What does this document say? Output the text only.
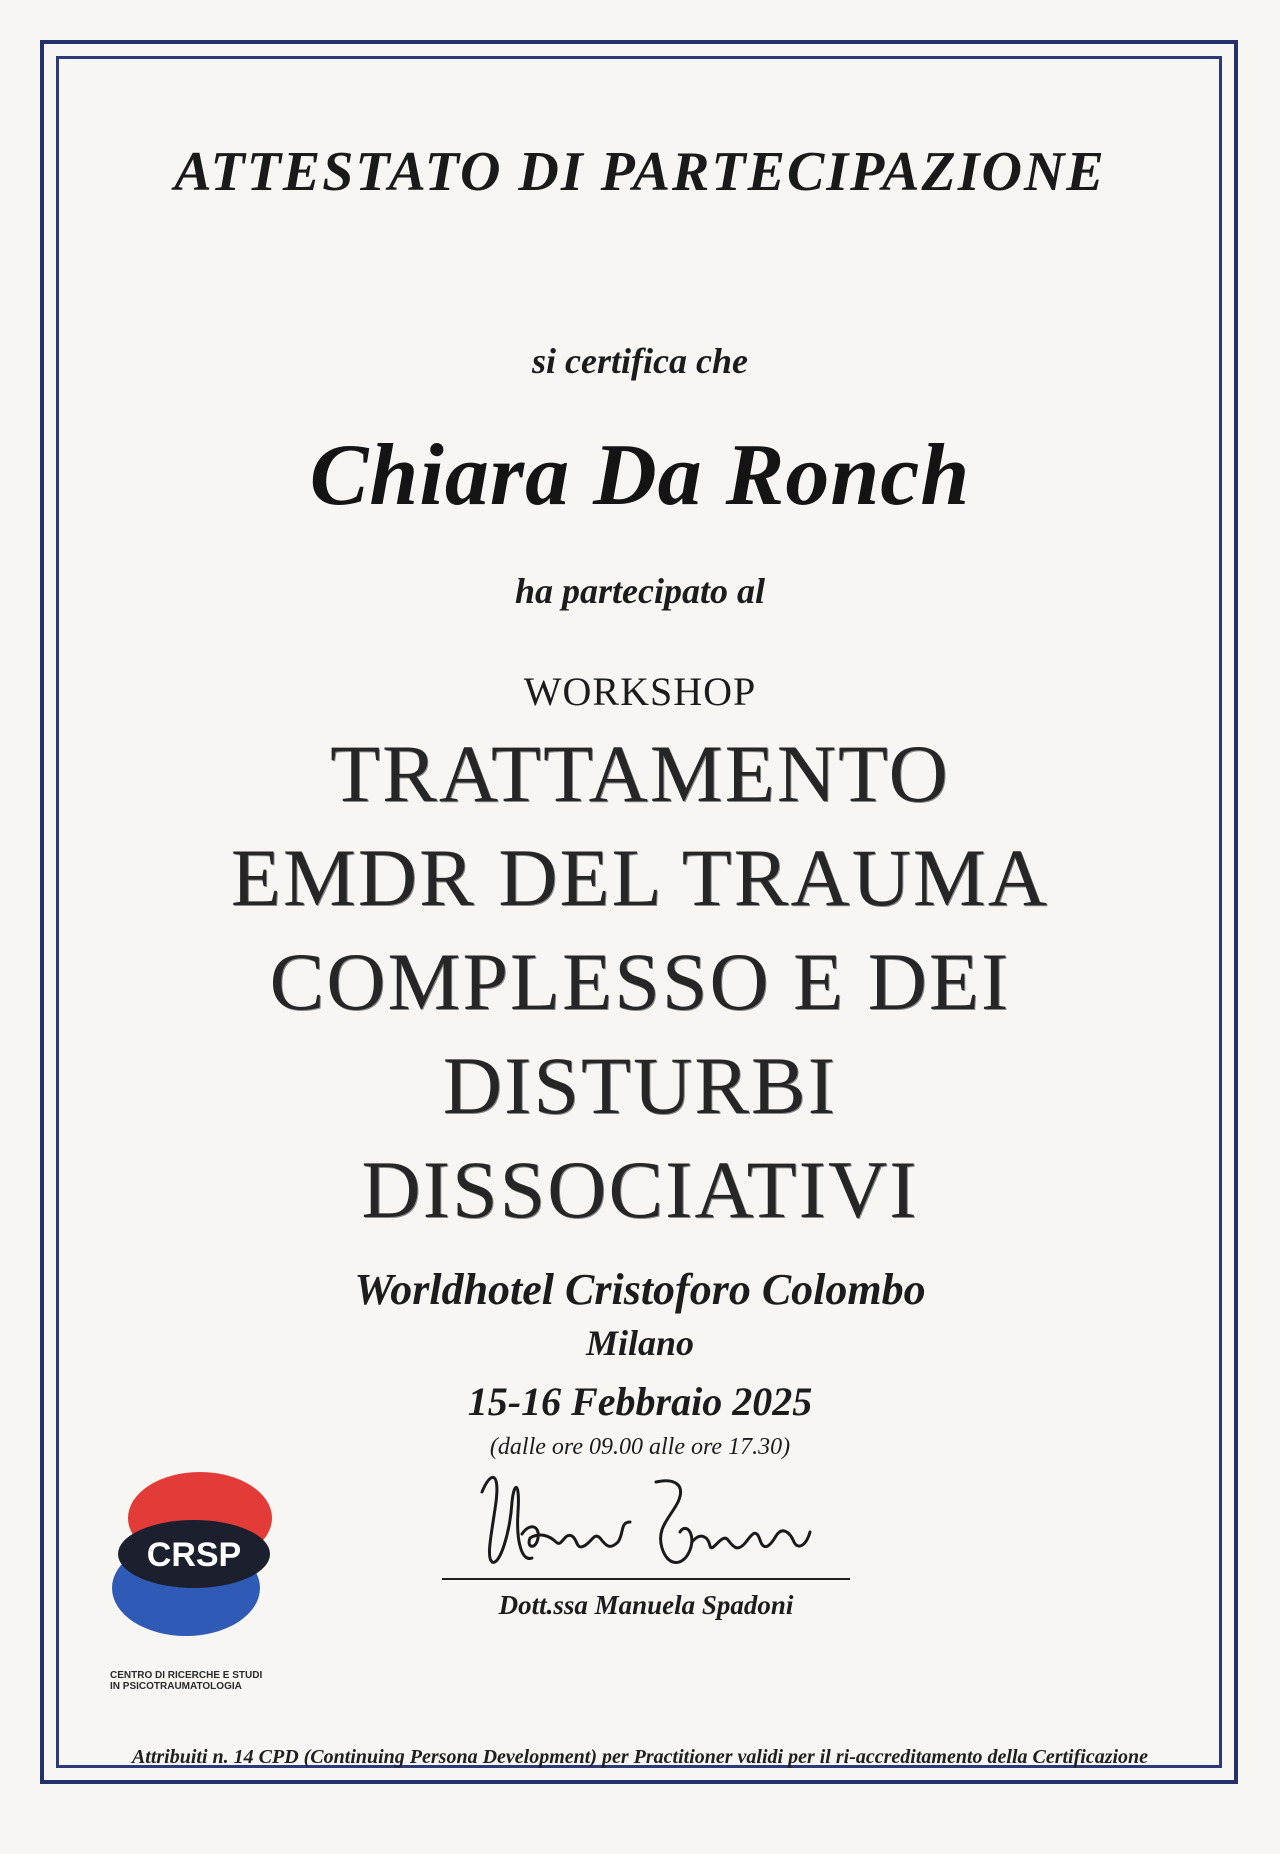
ATTESTATO DI PARTECIPAZIONE
si certifica che
Chiara Da Ronch
ha partecipato al
WORKSHOP
TRATTAMENTO
EMDR DEL TRAUMA
COMPLESSO E DEI
DISTURBI
DISSOCIATIVI
Worldhotel Cristoforo Colombo
Milano
15-16 Febbraio 2025
(dalle ore 09.00 alle ore 17.30)
CRSP
CENTRO DI RICERCHE E STUDI
IN PSICOTRAUMATOLOGIA
Dott.ssa Manuela Spadoni
Attribuiti n. 14 CPD (Continuing Persona Development) per Practitioner validi per il ri-accreditamento della Certificazione
